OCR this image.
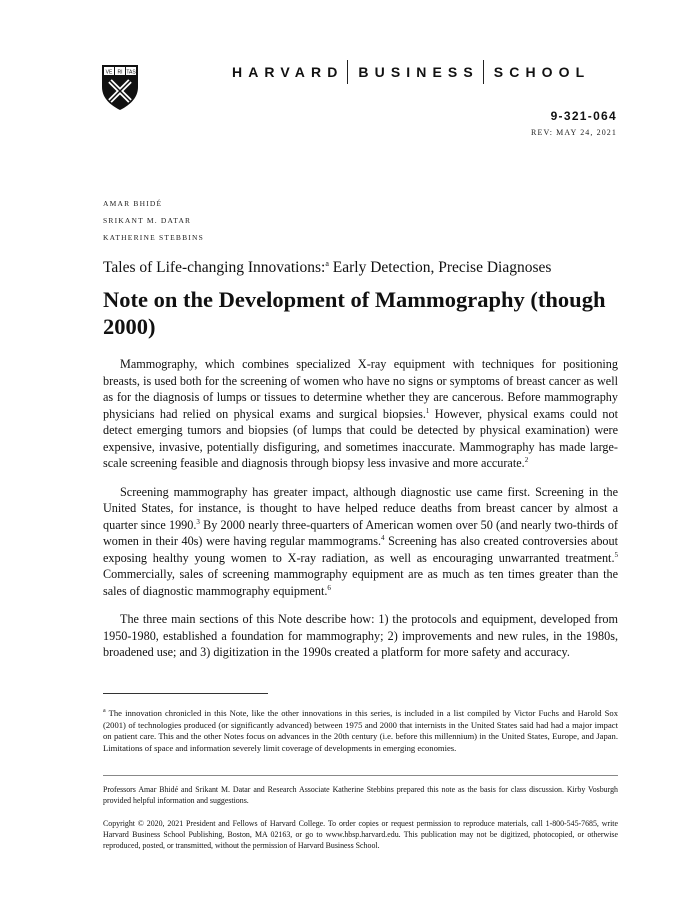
VE RI TAS	HARVARD BUSINESS SCHOOL
9-321-064
REV: MAY 24, 2021
AMAR BHIDÉ
SRIKANT M. DATAR
KATHERINE STEBBINS
Tales of Life-changing Innovations:$^a$ Early Detection, Precise Diagnoses
Note on the Development of Mammography (though 2000)

Mammography, which combines specialized X-ray equipment with techniques for positioning breasts, is used both for the screening of women who have no signs or symptoms of breast cancer as well as for the diagnosis of lumps or tissues to determine whether they are cancerous. Before mammography physicians had relied on physical exams and surgical biopsies.$^1$ However, physical exams could not detect emerging tumors and biopsies (of lumps that could be detected by physical examination) were expensive, invasive, potentially disfiguring, and sometimes inaccurate. Mammography has made large-scale screening feasible and diagnosis through biopsy less invasive and more accurate.$^2$

Screening mammography has greater impact, although diagnostic use came first. Screening in the United States, for instance, is thought to have helped reduce deaths from breast cancer by almost a quarter since 1990.$^3$ By 2000 nearly three-quarters of American women over 50 (and nearly two-thirds of women in their 40s) were having regular mammograms.$^4$ Screening has also created controversies about exposing healthy young women to X-ray radiation, as well as encouraging unwarranted treatment.$^5$ Commercially, sales of screening mammography equipment are as much as ten times greater than the sales of diagnostic mammography equipment.$^6$

The three main sections of this Note describe how: 1) the protocols and equipment, developed from 1950-1980, established a foundation for mammography; 2) improvements and new rules, in the 1980s, broadened use; and 3) digitization in the 1990s created a platform for more safety and accuracy.

$^a$ The innovation chronicled in this Note, like the other innovations in this series, is included in a list compiled by Victor Fuchs and Harold Sox (2001) of technologies produced (or significantly advanced) between 1975 and 2000 that internists in the United States said had had a major impact on patient care. This and the other Notes focus on advances in the 20th century (i.e. before this millennium) in the United States, Europe, and Japan. Limitations of space and information severely limit coverage of developments in emerging economies.
Professors Amar Bhidé and Srikant M. Datar and Research Associate Katherine Stebbins prepared this note as the basis for class discussion. Kirby Vosburgh provided helpful information and suggestions.
Copyright © 2020, 2021 President and Fellows of Harvard College. To order copies or request permission to reproduce materials, call 1-800-545-7685, write Harvard Business School Publishing, Boston, MA 02163, or go to www.hbsp.harvard.edu. This publication may not be digitized, photocopied, or otherwise reproduced, posted, or transmitted, without the permission of Harvard Business School.
